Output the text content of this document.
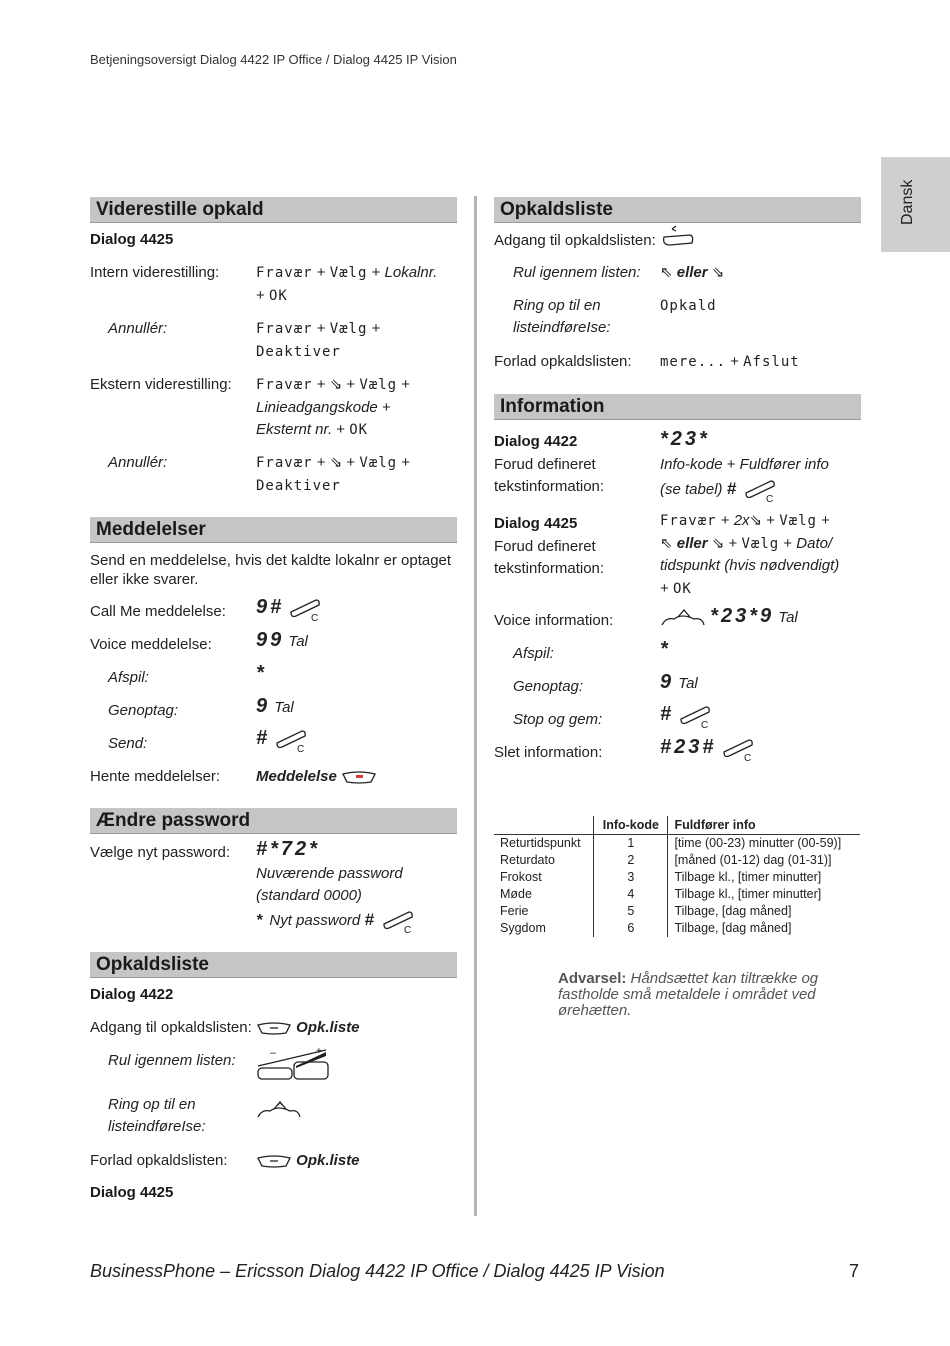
Betjeningsoversigt Dialog 4422 IP Office / Dialog 4425 IP Vision
Dansk
Viderestille opkald
Dialog 4425
Intern viderestilling:	Fravær + Vælg + Lokalnr.
+ OK
Annullér:	Fravær + Vælg +
Deaktiver
Ekstern viderestilling: Fravær + ⇘ + Vælg +
Linieadgangskode +
Eksternt nr. + OK
Annullér:	Fravær + ⇘ + Vælg +
Deaktiver
Meddelelser
Send en meddelelse, hvis det kaldte lokalnr er optaget eller ikke svarer.
Call Me meddelelse: 9#
C
Voice meddelelse: 99 Tal
Afspil:	*
Genoptag:	9 Tal
Send:	#
C
Hente meddelelser: Meddelelse
Ændre password
Vælge nyt password: #*72*
Nuværende password
(standard 0000)
* Nyt password #
C
Opkaldsliste
Dialog 4422
Adgang til opkaldslisten:	Opk.liste
Rul igennem listen:	–	+
Ring op til en
listeindføreIse:
Forlad opkaldslisten:	Opk.liste
Dialog 4425
Opkaldsliste
Adgang til opkaldslisten:
Rul igennem listen: ⇖ eller ⇘
Ring op til en
listeindføreIse:
Opkald
Forlad opkaldslisten: mere... + Afslut
Information
Dialog 4422	*23*
Forud defineret
tekstinformation:
Info-kode + Fuldfører info
(se tabel) #
C
Dialog 4425
Forud defineret
tekstinformation:
Fravær + 2x⇘ + Vælg +
⇖ eller ⇘ + Vælg + Dato/
tidspunkt (hvis nødvendigt)
+ OK
Voice information:	*23*9 Tal
Afspil:	*
Genoptag:	9 Tal
Stop og gem:	#
C
Slet information:	#23#
C
	Info-kode	Fuldfører info
Returtidspunkt	1	[time (00-23) minutter (00-59)]
Returdato	2	[måned (01-12) dag (01-31)]
Frokost	3	Tilbage kl., [timer minutter]
Møde	4	Tilbage kl., [timer minutter]
Ferie	5	Tilbage, [dag måned]
Sygdom	6	Tilbage, [dag måned]
Advarsel: Håndsættet kan tiltrække og fastholde små metaldele i området ved ørehætten.
BusinessPhone – Ericsson Dialog 4422 IP Office / Dialog 4425 IP Vision	7
